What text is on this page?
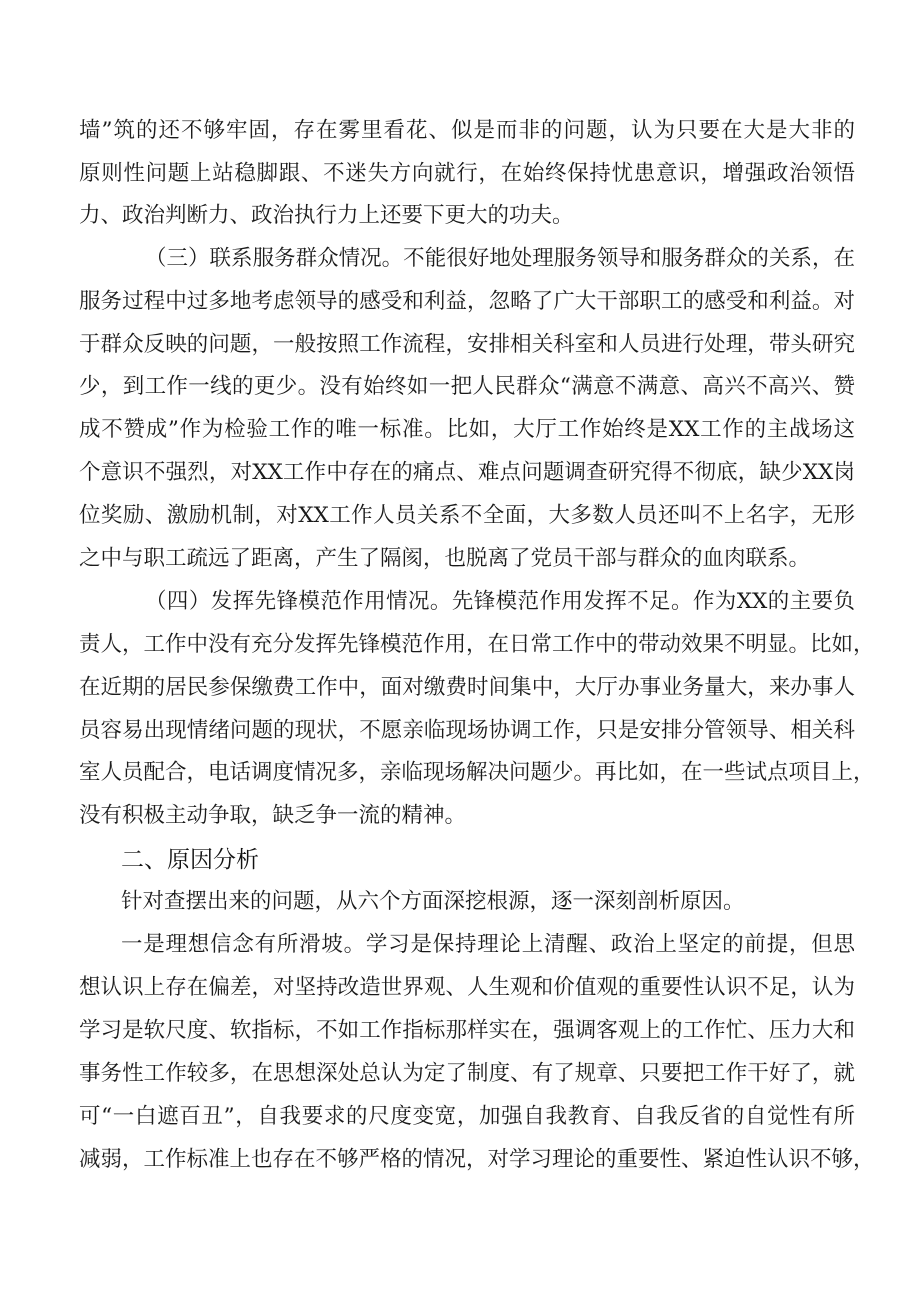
墙”筑的还不够牢固，存在雾里看花、似是而非的问题，认为只要在大是大非的
原则性问题上站稳脚跟、不迷失方向就行，在始终保持忧患意识，增强政治领悟
力、政治判断力、政治执行力上还要下更大的功夫。
（三）联系服务群众情况。不能很好地处理服务领导和服务群众的关系，在
服务过程中过多地考虑领导的感受和利益，忽略了广大干部职工的感受和利益。对
于群众反映的问题，一般按照工作流程，安排相关科室和人员进行处理，带头研究
少，到工作一线的更少。没有始终如一把人民群众“满意不满意、高兴不高兴、赞
成不赞成”作为检验工作的唯一标准。比如，大厅工作始终是XX工作的主战场这
个意识不强烈，对XX工作中存在的痛点、难点问题调查研究得不彻底，缺少XX岗
位奖励、激励机制，对XX工作人员关系不全面，大多数人员还叫不上名字，无形
之中与职工疏远了距离，产生了隔阂，也脱离了党员干部与群众的血肉联系。
（四）发挥先锋模范作用情况。先锋模范作用发挥不足。作为XX的主要负
责人，工作中没有充分发挥先锋模范作用，在日常工作中的带动效果不明显。比如，
在近期的居民参保缴费工作中，面对缴费时间集中，大厅办事业务量大，来办事人
员容易出现情绪问题的现状，不愿亲临现场协调工作，只是安排分管领导、相关科
室人员配合，电话调度情况多，亲临现场解决问题少。再比如，在一些试点项目上，
没有积极主动争取，缺乏争一流的精神。
二、原因分析
针对查摆出来的问题，从六个方面深挖根源，逐一深刻剖析原因。
一是理想信念有所滑坡。学习是保持理论上清醒、政治上坚定的前提，但思
想认识上存在偏差，对坚持改造世界观、人生观和价值观的重要性认识不足，认为
学习是软尺度、软指标，不如工作指标那样实在，强调客观上的工作忙、压力大和
事务性工作较多，在思想深处总认为定了制度、有了规章、只要把工作干好了，就
可“一白遮百丑”，自我要求的尺度变宽，加强自我教育、自我反省的自觉性有所
减弱，工作标准上也存在不够严格的情况，对学习理论的重要性、紧迫性认识不够，
